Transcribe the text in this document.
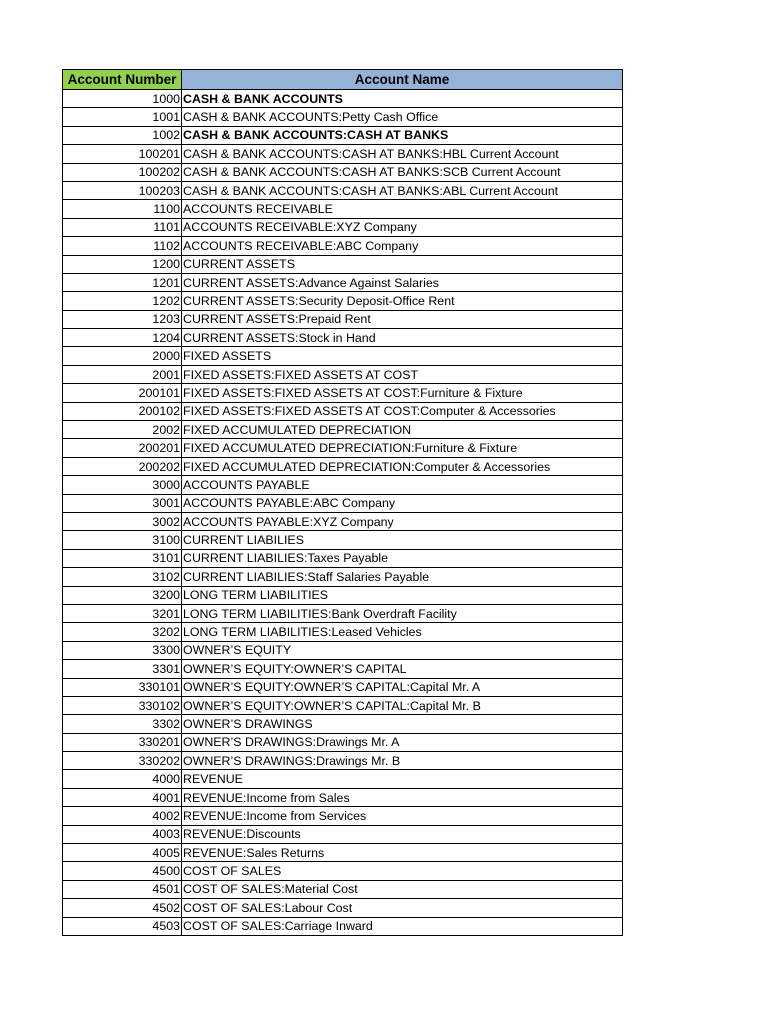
Account Number	Account Name
1000	CASH & BANK ACCOUNTS
1001	CASH & BANK ACCOUNTS:Petty Cash Office
1002	CASH & BANK ACCOUNTS:CASH AT BANKS
100201	CASH & BANK ACCOUNTS:CASH AT BANKS:HBL Current Account
100202	CASH & BANK ACCOUNTS:CASH AT BANKS:SCB Current Account
100203	CASH & BANK ACCOUNTS:CASH AT BANKS:ABL Current Account
1100	ACCOUNTS RECEIVABLE
1101	ACCOUNTS RECEIVABLE:XYZ Company
1102	ACCOUNTS RECEIVABLE:ABC Company
1200	CURRENT ASSETS
1201	CURRENT ASSETS:Advance Against Salaries
1202	CURRENT ASSETS:Security Deposit-Office Rent
1203	CURRENT ASSETS:Prepaid Rent
1204	CURRENT ASSETS:Stock in Hand
2000	FIXED ASSETS
2001	FIXED ASSETS:FIXED ASSETS AT COST
200101	FIXED ASSETS:FIXED ASSETS AT COST:Furniture & Fixture
200102	FIXED ASSETS:FIXED ASSETS AT COST:Computer & Accessories
2002	FIXED ACCUMULATED DEPRECIATION
200201	FIXED ACCUMULATED DEPRECIATION:Furniture & Fixture
200202	FIXED ACCUMULATED DEPRECIATION:Computer & Accessories
3000	ACCOUNTS PAYABLE
3001	ACCOUNTS PAYABLE:ABC Company
3002	ACCOUNTS PAYABLE:XYZ Company
3100	CURRENT LIABILIES
3101	CURRENT LIABILIES:Taxes Payable
3102	CURRENT LIABILIES:Staff Salaries Payable
3200	LONG TERM LIABILITIES
3201	LONG TERM LIABILITIES:Bank Overdraft Facility
3202	LONG TERM LIABILITIES:Leased Vehicles
3300	OWNER’S EQUITY
3301	OWNER’S EQUITY:OWNER’S CAPITAL
330101	OWNER’S EQUITY:OWNER’S CAPITAL:Capital Mr. A
330102	OWNER’S EQUITY:OWNER’S CAPITAL:Capital Mr. B
3302	OWNER’S DRAWINGS
330201	OWNER’S DRAWINGS:Drawings Mr. A
330202	OWNER’S DRAWINGS:Drawings Mr. B
4000	REVENUE
4001	REVENUE:Income from Sales
4002	REVENUE:Income from Services
4003	REVENUE:Discounts
4005	REVENUE:Sales Returns
4500	COST OF SALES
4501	COST OF SALES:Material Cost
4502	COST OF SALES:Labour Cost
4503	COST OF SALES:Carriage Inward
